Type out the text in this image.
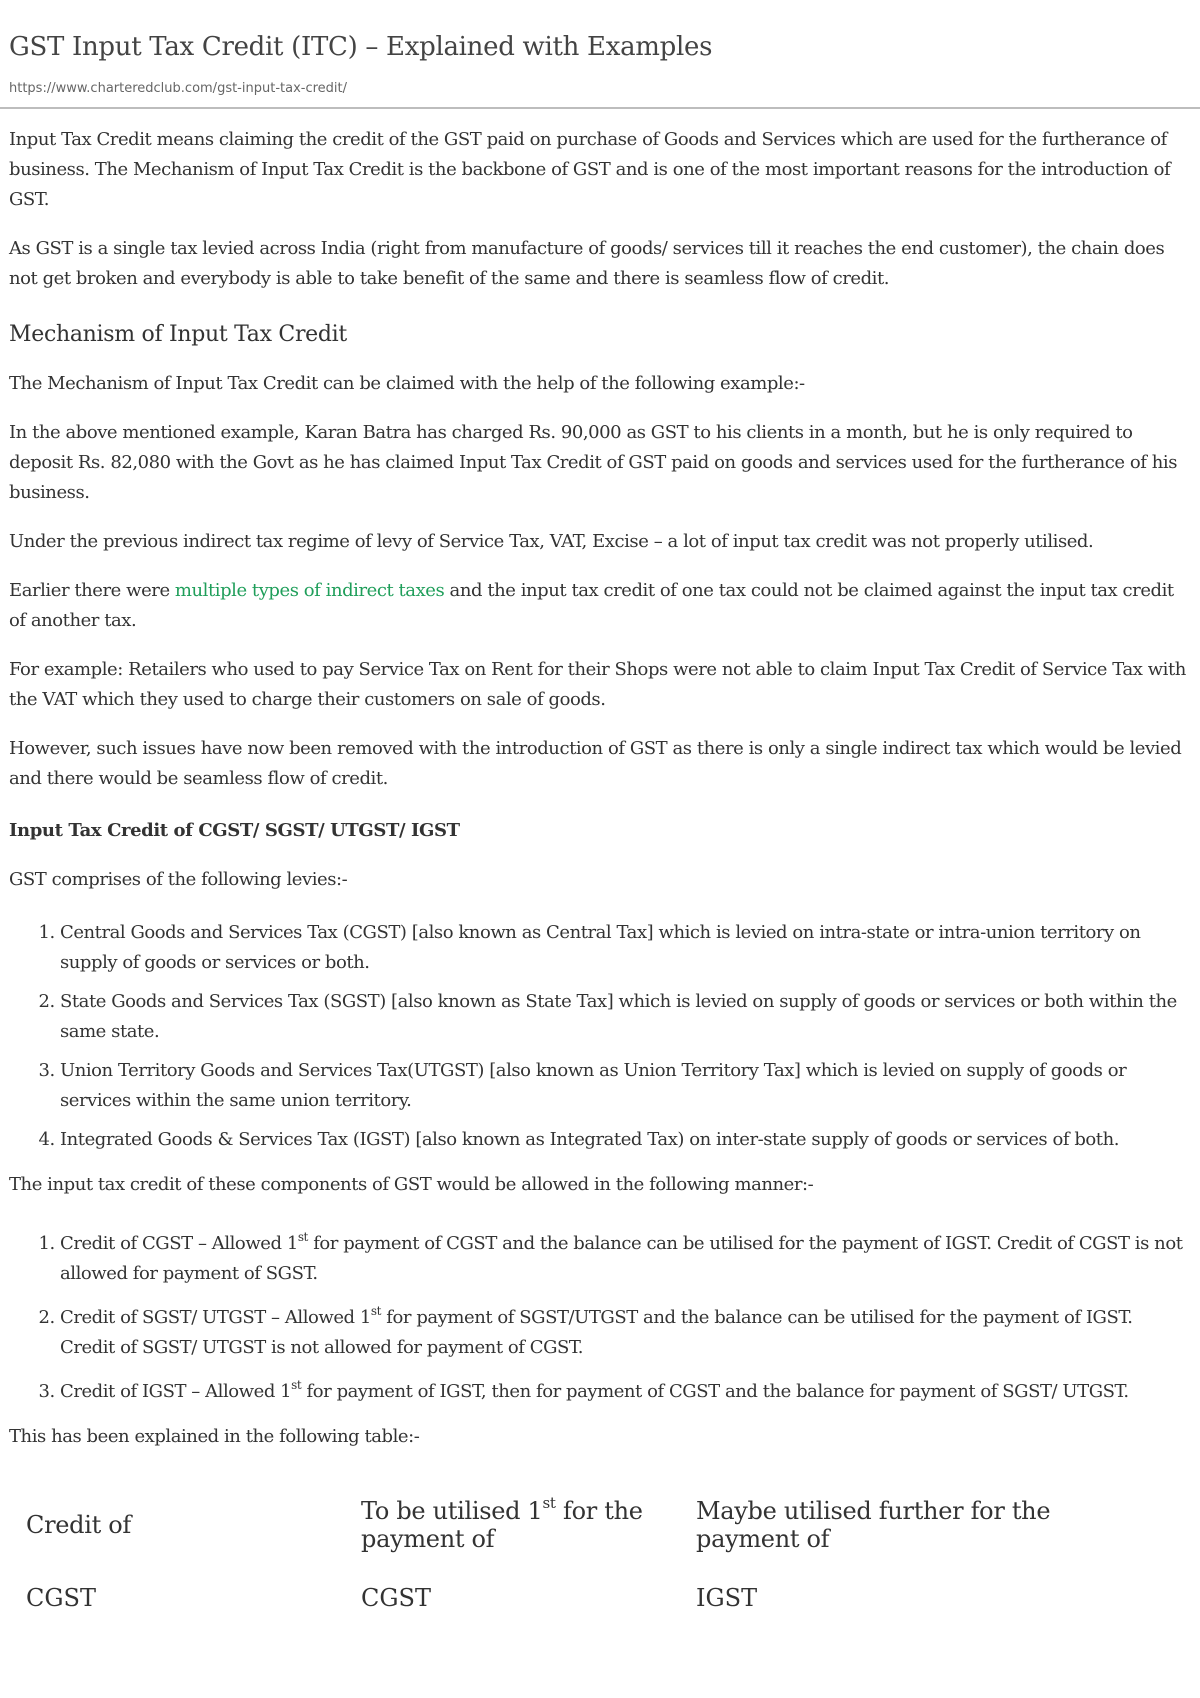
GST Input Tax Credit (ITC) – Explained with Examples
https://www.charteredclub.com/gst-input-tax-credit/

Input Tax Credit means claiming the credit of the GST paid on purchase of Goods and Services which are used for the furtherance of business. The Mechanism of Input Tax Credit is the backbone of GST and is one of the most important reasons for the introduction of GST.

As GST is a single tax levied across India (right from manufacture of goods/ services till it reaches the end customer), the chain does not get broken and everybody is able to take benefit of the same and there is seamless flow of credit.

Mechanism of Input Tax Credit

The Mechanism of Input Tax Credit can be claimed with the help of the following example:-

In the above mentioned example, Karan Batra has charged Rs. 90,000 as GST to his clients in a month, but he is only required to deposit Rs. 82,080 with the Govt as he has claimed Input Tax Credit of GST paid on goods and services used for the furtherance of his business.

Under the previous indirect tax regime of levy of Service Tax, VAT, Excise – a lot of input tax credit was not properly utilised.

Earlier there were multiple types of indirect taxes and the input tax credit of one tax could not be claimed against the input tax credit of another tax.

For example: Retailers who used to pay Service Tax on Rent for their Shops were not able to claim Input Tax Credit of Service Tax with the VAT which they used to charge their customers on sale of goods.

However, such issues have now been removed with the introduction of GST as there is only a single indirect tax which would be levied and there would be seamless flow of credit.

Input Tax Credit of CGST/ SGST/ UTGST/ IGST

GST comprises of the following levies:-

1. Central Goods and Services Tax (CGST) [also known as Central Tax] which is levied on intra-state or intra-union territory on supply of goods or services or both.
2. State Goods and Services Tax (SGST) [also known as State Tax] which is levied on supply of goods or services or both within the same state.
3. Union Territory Goods and Services Tax(UTGST) [also known as Union Territory Tax] which is levied on supply of goods or services within the same union territory.
4. Integrated Goods & Services Tax (IGST) [also known as Integrated Tax) on inter-state supply of goods or services of both.

The input tax credit of these components of GST would be allowed in the following manner:-

1. Credit of CGST – Allowed 1st for payment of CGST and the balance can be utilised for the payment of IGST. Credit of CGST is not allowed for payment of SGST.
2. Credit of SGST/ UTGST – Allowed 1st for payment of SGST/UTGST and the balance can be utilised for the payment of IGST. Credit of SGST/ UTGST is not allowed for payment of CGST.
3. Credit of IGST – Allowed 1st for payment of IGST, then for payment of CGST and the balance for payment of SGST/ UTGST.

This has been explained in the following table:-

Credit of	To be utilised 1st for the payment of	Maybe utilised further for the payment of
CGST	CGST	IGST
